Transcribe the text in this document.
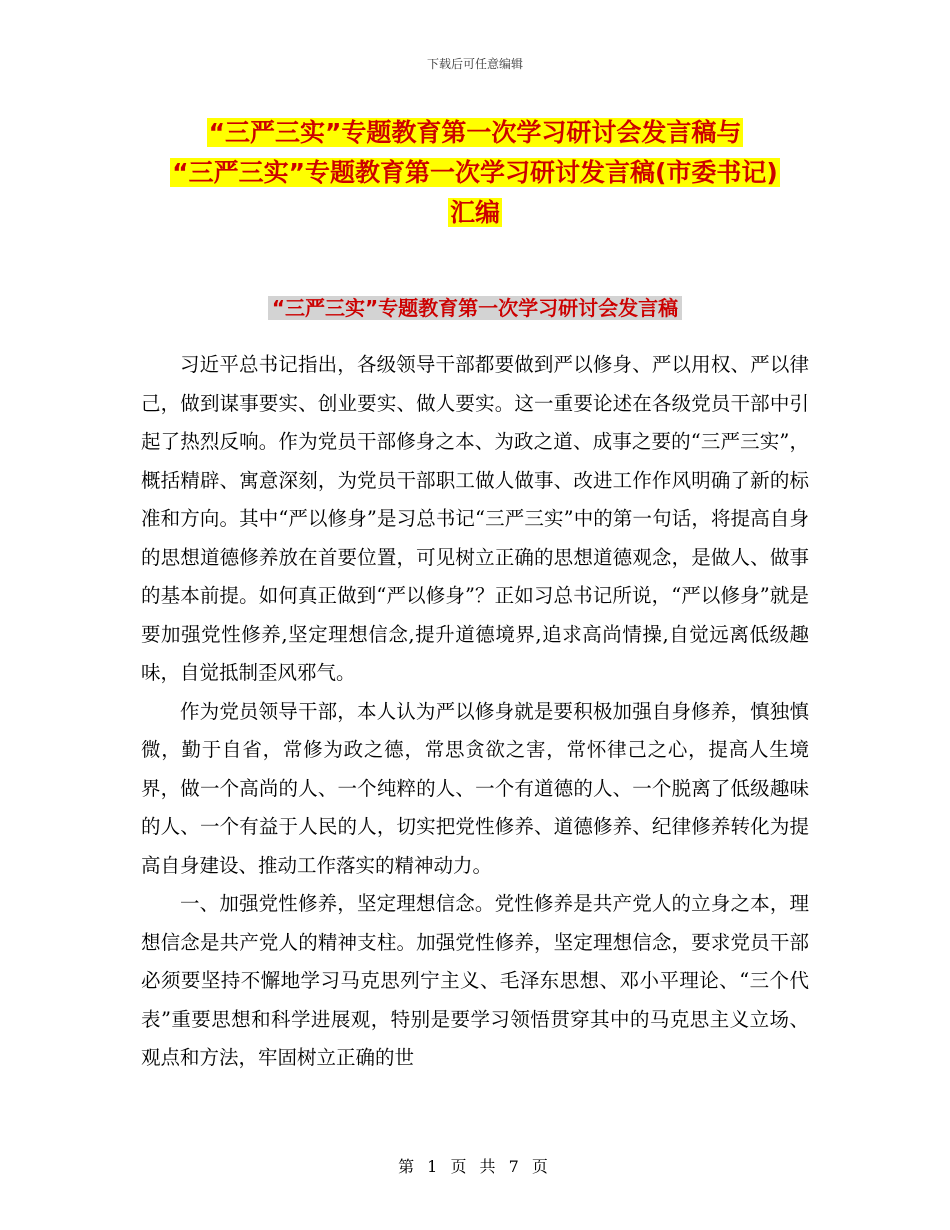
下载后可任意编辑
“三严三实”专题教育第一次学习研讨会发言稿与
“三严三实”专题教育第一次学习研讨发言稿(市委书记)
汇编
“三严三实”专题教育第一次学习研讨会发言稿

习近平总书记指出，各级领导干部都要做到严以修身、严以用权、严以律己，做到谋事要实、创业要实、做人要实。这一重要论述在各级党员干部中引起了热烈反响。作为党员干部修身之本、为政之道、成事之要的“三严三实”，概括精辟、寓意深刻，为党员干部职工做人做事、改进工作作风明确了新的标准和方向。其中“严以修身”是习总书记“三严三实”中的第一句话，将提高自身的思想道德修养放在首要位置，可见树立正确的思想道德观念，是做人、做事的基本前提。如何真正做到“严以修身”？正如习总书记所说，“严以修身”就是要加强党性修养,坚定理想信念,提升道德境界,追求高尚情操,自觉远离低级趣味，自觉抵制歪风邪气。

作为党员领导干部，本人认为严以修身就是要积极加强自身修养，慎独慎微，勤于自省，常修为政之德，常思贪欲之害，常怀律己之心，提高人生境界，做一个高尚的人、一个纯粹的人、一个有道德的人、一个脱离了低级趣味的人、一个有益于人民的人，切实把党性修养、道德修养、纪律修养转化为提高自身建设、推动工作落实的精神动力。

一、加强党性修养，坚定理想信念。党性修养是共产党人的立身之本，理想信念是共产党人的精神支柱。加强党性修养，坚定理想信念，要求党员干部必须要坚持不懈地学习马克思列宁主义、毛泽东思想、邓小平理论、“三个代表”重要思想和科学进展观，特别是要学习领悟贯穿其中的马克思主义立场、观点和方法，牢固树立正确的世

第 1 页 共 7 页
